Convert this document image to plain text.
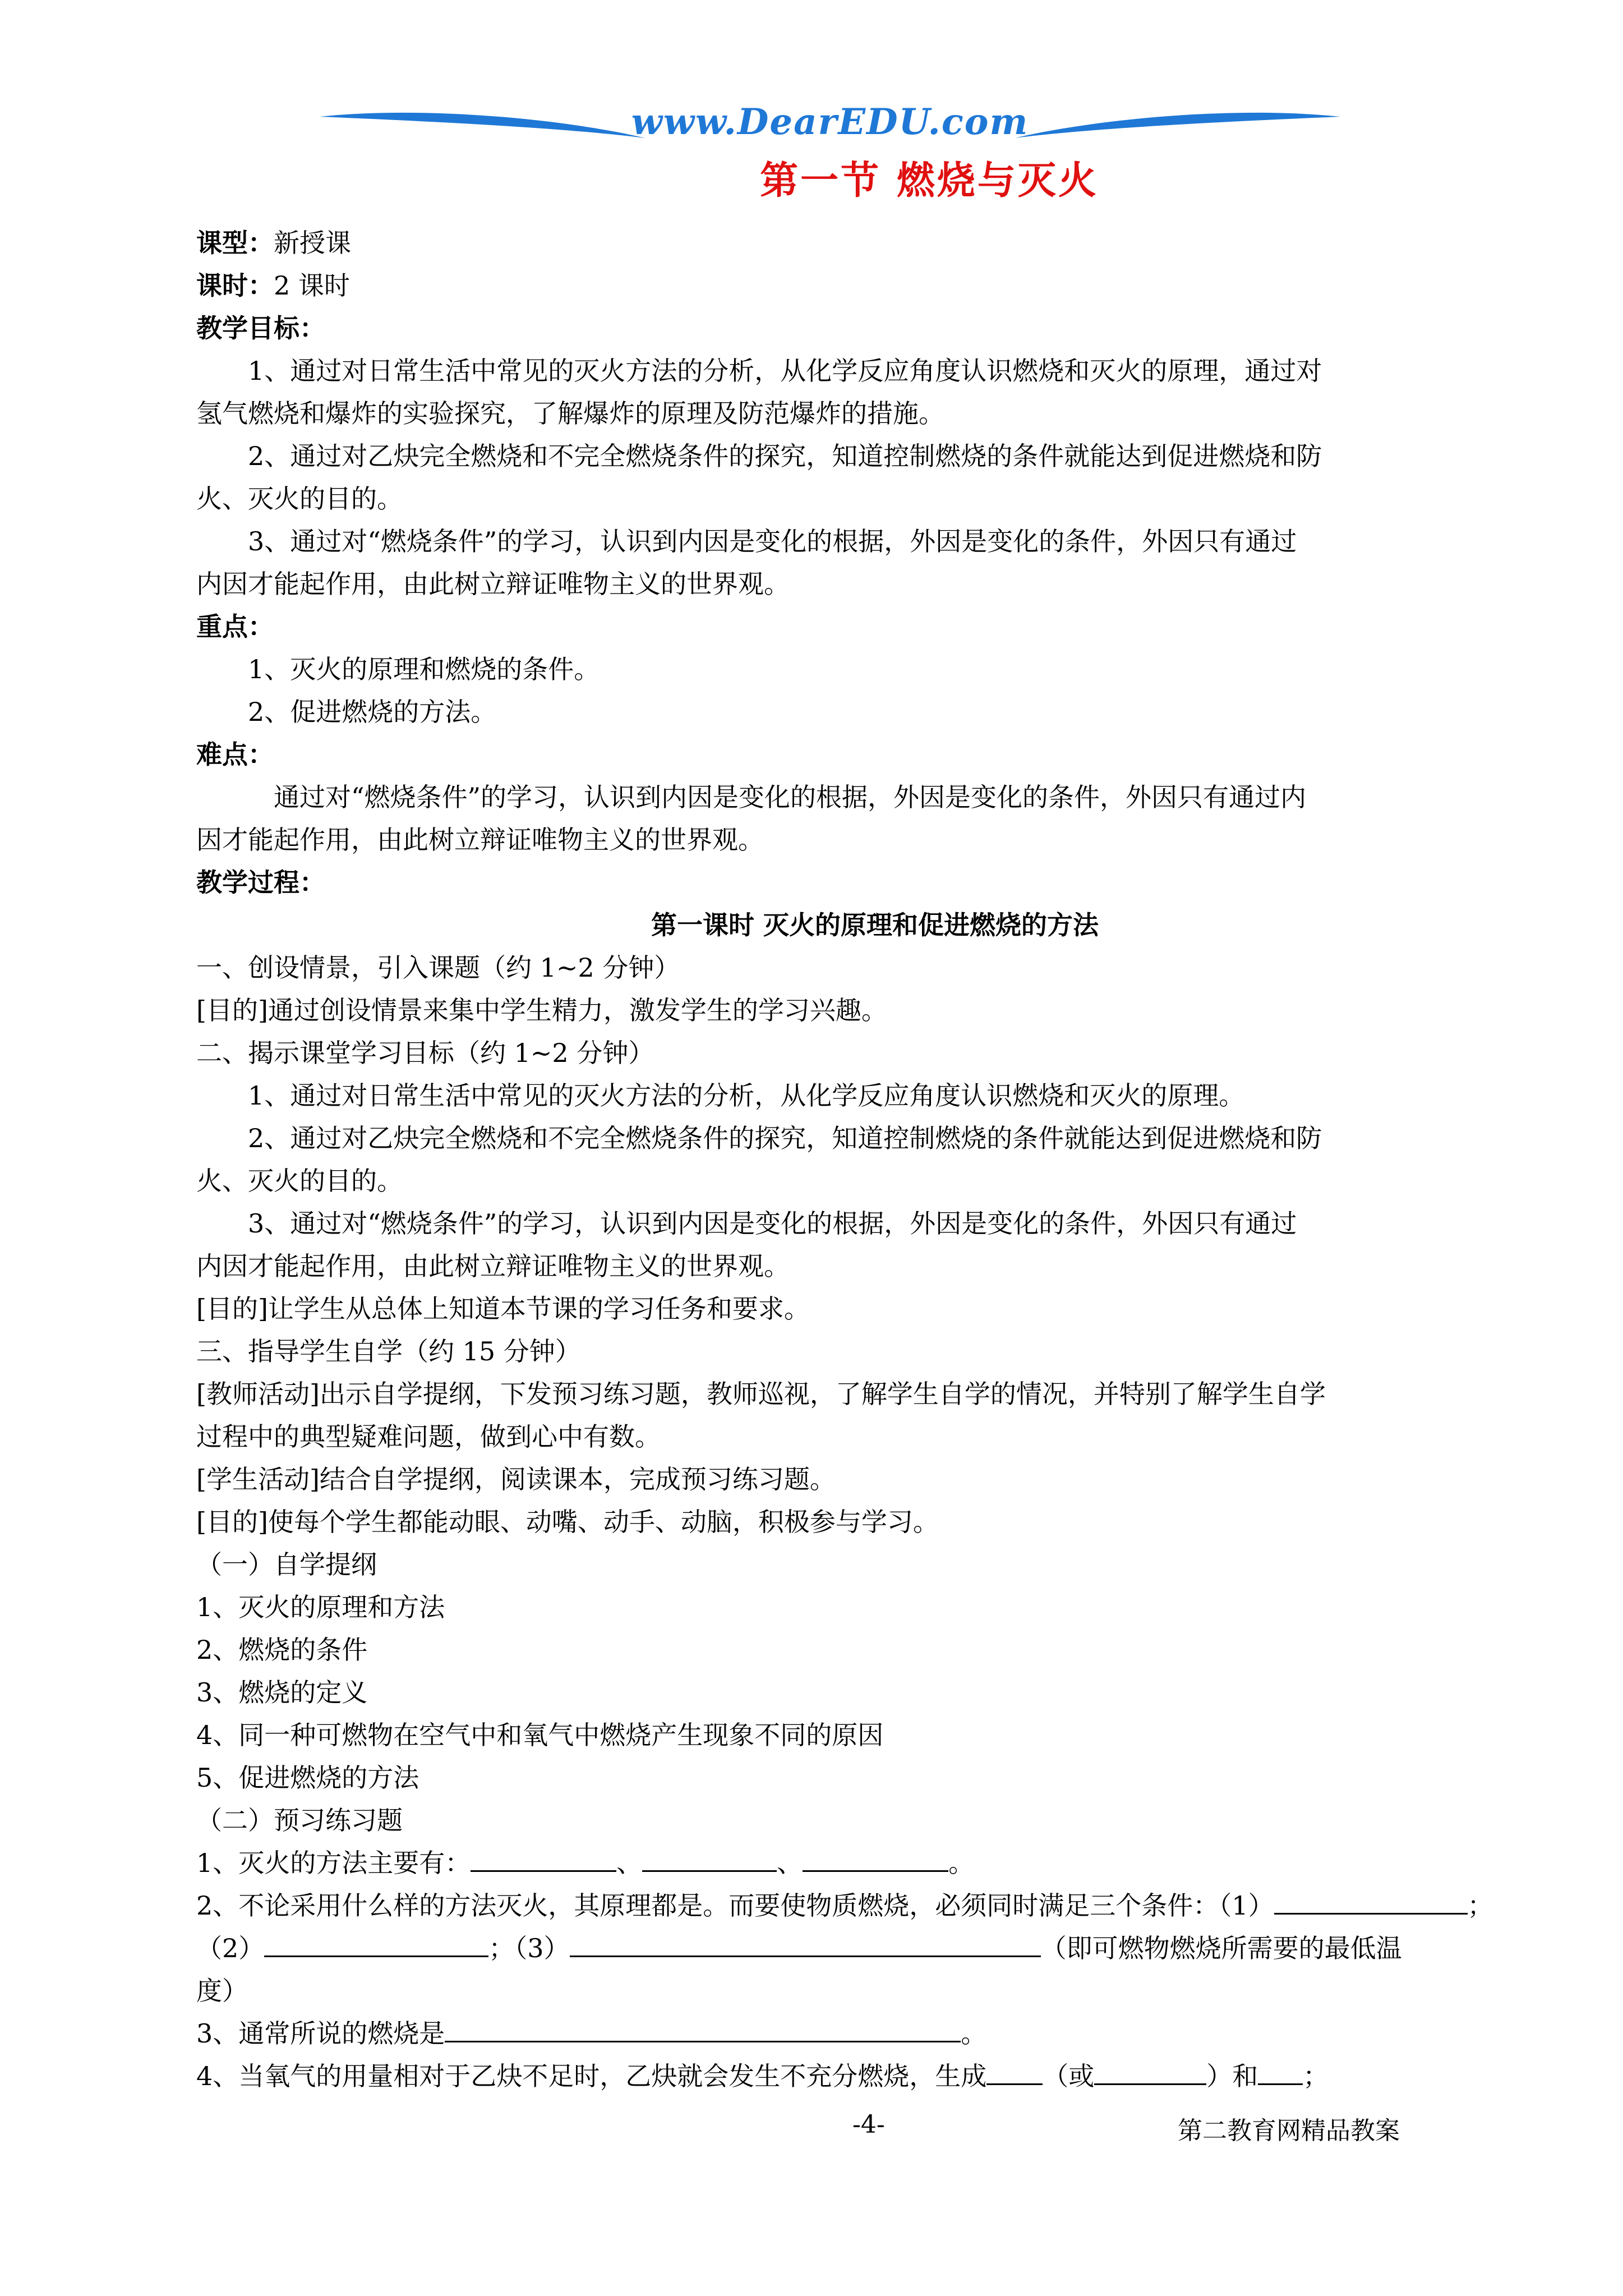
www.DearEDU.com
第一节 燃烧与灭火
课型：新授课
课时：2 课时
教学目标：
1、通过对日常生活中常见的灭火方法的分析，从化学反应角度认识燃烧和灭火的原理，通过对
氢气燃烧和爆炸的实验探究，了解爆炸的原理及防范爆炸的措施。
2、通过对乙炔完全燃烧和不完全燃烧条件的探究，知道控制燃烧的条件就能达到促进燃烧和防
火、灭火的目的。
3、通过对“燃烧条件”的学习，认识到内因是变化的根据，外因是变化的条件，外因只有通过
内因才能起作用，由此树立辩证唯物主义的世界观。
重点：
1、灭火的原理和燃烧的条件。
2、促进燃烧的方法。
难点：
通过对“燃烧条件”的学习，认识到内因是变化的根据，外因是变化的条件，外因只有通过内
因才能起作用，由此树立辩证唯物主义的世界观。
教学过程：
第一课时 灭火的原理和促进燃烧的方法
一、创设情景，引入课题（约 1~2 分钟）
[目的]通过创设情景来集中学生精力，激发学生的学习兴趣。
二、揭示课堂学习目标（约 1~2 分钟）
1、通过对日常生活中常见的灭火方法的分析，从化学反应角度认识燃烧和灭火的原理。
2、通过对乙炔完全燃烧和不完全燃烧条件的探究，知道控制燃烧的条件就能达到促进燃烧和防
火、灭火的目的。
3、通过对“燃烧条件”的学习，认识到内因是变化的根据，外因是变化的条件，外因只有通过
内因才能起作用，由此树立辩证唯物主义的世界观。
[目的]让学生从总体上知道本节课的学习任务和要求。
三、指导学生自学（约 15 分钟）
[教师活动]出示自学提纲，下发预习练习题，教师巡视，了解学生自学的情况，并特别了解学生自学
过程中的典型疑难问题，做到心中有数。
[学生活动]结合自学提纲，阅读课本，完成预习练习题。
[目的]使每个学生都能动眼、动嘴、动手、动脑，积极参与学习。
（一）自学提纲
1、灭火的原理和方法
2、燃烧的条件
3、燃烧的定义
4、同一种可燃物在空气中和氧气中燃烧产生现象不同的原因
5、促进燃烧的方法
（二）预习练习题
1、灭火的方法主要有：	、	、	。
2、不论采用什么样的方法灭火，其原理都是。而要使物质燃烧，必须同时满足三个条件：（1）	；
（2）	；（3）	（即可燃物燃烧所需要的最低温
度）
3、通常所说的燃烧是	。
4、当氧气的用量相对于乙炔不足时，乙炔就会发生不充分燃烧，生成 （或	）和 ；
-4-	第二教育网精品教案
